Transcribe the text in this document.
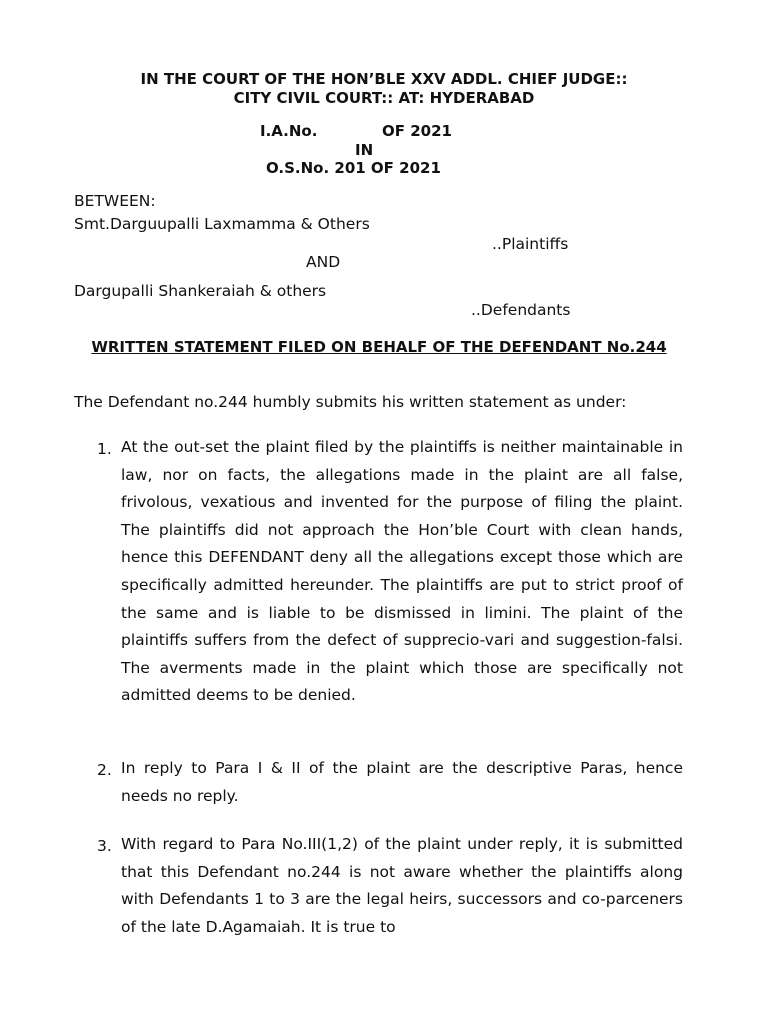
IN THE COURT OF THE HON’BLE XXV ADDL. CHIEF JUDGE::
CITY CIVIL COURT:: AT: HYDERABAD
I.A.No.	OF 2021
IN
O.S.No. 201 OF 2021
BETWEEN:
Smt.Darguupalli Laxmamma & Others
..Plaintiffs
AND
Dargupalli Shankeraiah & others
..Defendants
WRITTEN STATEMENT FILED ON BEHALF OF THE DEFENDANT No.244
The Defendant no.244 humbly submits his written statement as under:
1. At the out-set the plaint filed by the plaintiffs is neither maintainable in law, nor on facts, the allegations made in the plaint are all false, frivolous, vexatious and invented for the purpose of filing the plaint. The plaintiffs did not approach the Hon’ble Court with clean hands, hence this DEFENDANT deny all the allegations except those which are specifically admitted hereunder. The plaintiffs are put to strict proof of the same and is liable to be dismissed in limini. The plaint of the plaintiffs suffers from the defect of supprecio-vari and suggestion-falsi. The averments made in the plaint which those are specifically not admitted deems to be denied.

2. In reply to Para I & II of the plaint are the descriptive Paras, hence needs no reply.

3. With regard to Para No.III(1,2) of the plaint under reply, it is submitted that this Defendant no.244 is not aware whether the plaintiffs along with Defendants 1 to 3 are the legal heirs, successors and co-parceners of the late D.Agamaiah. It is true to
